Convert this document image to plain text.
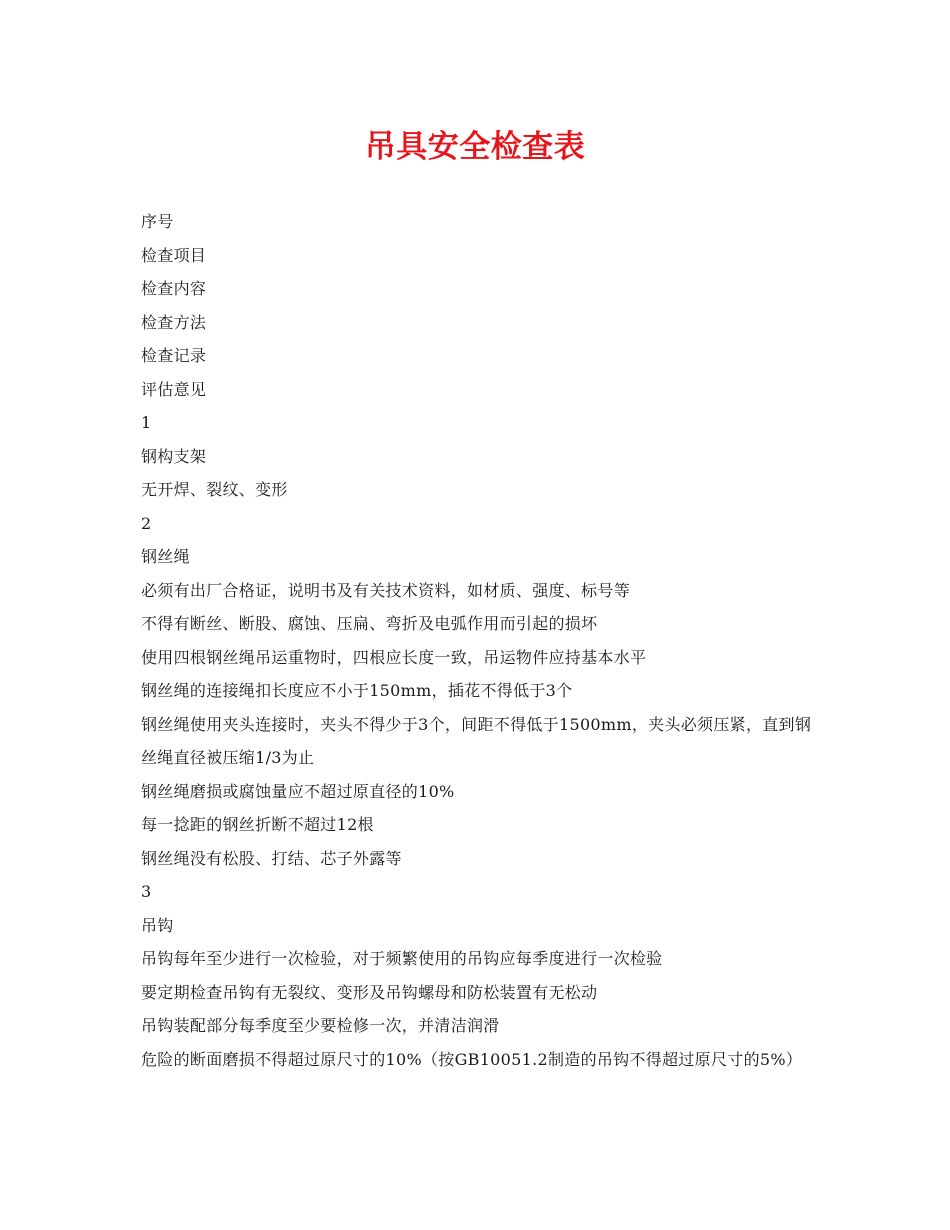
吊具安全检查表
序号
检查项目
检查内容
检查方法
检查记录
评估意见
1
钢构支架
无开焊、裂纹、变形
2
钢丝绳
必须有出厂合格证，说明书及有关技术资料，如材质、强度、标号等
不得有断丝、断股、腐蚀、压扁、弯折及电弧作用而引起的损坏
使用四根钢丝绳吊运重物时，四根应长度一致，吊运物件应持基本水平
钢丝绳的连接绳扣长度应不小于150mm，插花不得低于3个
钢丝绳使用夹头连接时，夹头不得少于3个，间距不得低于1500mm，夹头必须压紧，直到钢丝绳直径被压缩1/3为止
钢丝绳磨损或腐蚀量应不超过原直径的10%
每一捻距的钢丝折断不超过12根
钢丝绳没有松股、打结、芯子外露等
3
吊钩
吊钩每年至少进行一次检验，对于频繁使用的吊钩应每季度进行一次检验
要定期检查吊钩有无裂纹、变形及吊钩螺母和防松装置有无松动
吊钩装配部分每季度至少要检修一次，并清洁润滑
危险的断面磨损不得超过原尺寸的10%（按GB10051.2制造的吊钩不得超过原尺寸的5%）
